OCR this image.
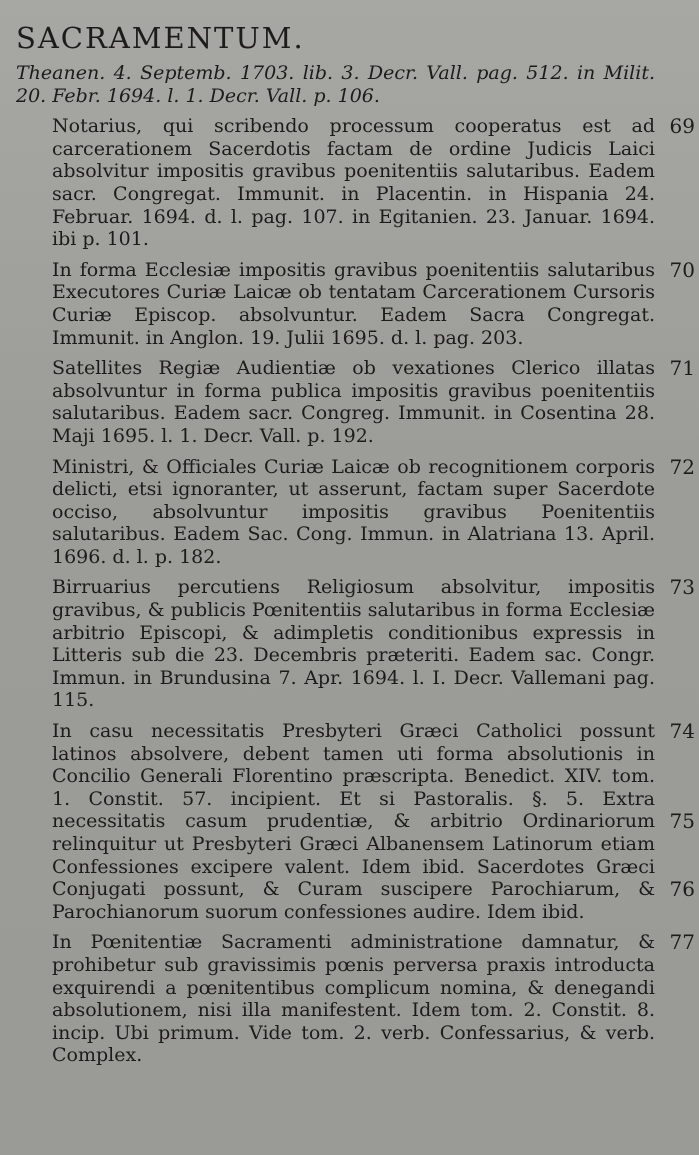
SACRAMENTUM.
Theanen. 4. Septemb. 1703. lib. 3. Decr. Vall. pag. 512. in Milit. 20. Febr. 1694. l. 1. Decr. Vall. p. 106.
69
Notarius, qui scribendo processum cooperatus est ad carcerationem Sacerdotis factam de ordine Judicis Laici absolvitur impositis gravibus poenitentiis salutaribus. Eadem sacr. Congregat. Immunit. in Placentin. in Hispania 24. Februar. 1694. d. l. pag. 107. in Egitanien. 23. Januar. 1694. ibi p. 101.
70
In forma Ecclesiæ impositis gravibus poenitentiis salutaribus Executores Curiæ Laicæ ob tentatam Carcerationem Cursoris Curiæ Episcop. absolvuntur. Eadem Sacra Congregat. Immunit. in Anglon. 19. Julii 1695. d. l. pag. 203.
71
Satellites Regiæ Audientiæ ob vexationes Clerico illatas absolvuntur in forma publica impositis gravibus poenitentiis salutaribus. Eadem sacr. Congreg. Immunit. in Cosentina 28. Maji 1695. l. 1. Decr. Vall. p. 192.
72
Ministri, & Officiales Curiæ Laicæ ob recognitionem corporis delicti, etsi ignoranter, ut asserunt, factam super Sacerdote occiso, absolvuntur impositis gravibus Poenitentiis salutaribus. Eadem Sac. Cong. Immun. in Alatriana 13. April. 1696. d. l. p. 182.
73
Birruarius percutiens Religiosum absolvitur, impositis gravibus, & publicis Pœnitentiis salutaribus in forma Ecclesiæ arbitrio Episcopi, & adimpletis conditionibus expressis in Litteris sub die 23. Decembris præteriti. Eadem sac. Congr. Immun. in Brundusina 7. Apr. 1694. l. I. Decr. Vallemani pag. 115.
74
75
76
In casu necessitatis Presbyteri Græci Catholici possunt latinos absolvere, debent tamen uti forma absolutionis in Concilio Generali Florentino præscripta. Benedict. XIV. tom. 1. Constit. 57. incipient. Et si Pastoralis. §. 5. Extra necessitatis casum prudentiæ, & arbitrio Ordinariorum relinquitur ut Presbyteri Græci Albanensem Latinorum etiam Confessiones excipere valent. Idem ibid. Sacerdotes Græci Conjugati possunt, & Curam suscipere Parochiarum, & Parochianorum suorum confessiones audire. Idem ibid.
77
In Pœnitentiæ Sacramenti administratione damnatur, & prohibetur sub gravissimis pœnis perversa praxis introducta exquirendi a pœnitentibus complicum nomina, & denegandi absolutionem, nisi illa manifestent. Idem tom. 2. Constit. 8. incip. Ubi primum. Vide tom. 2. verb. Confessarius, & verb. Complex.
